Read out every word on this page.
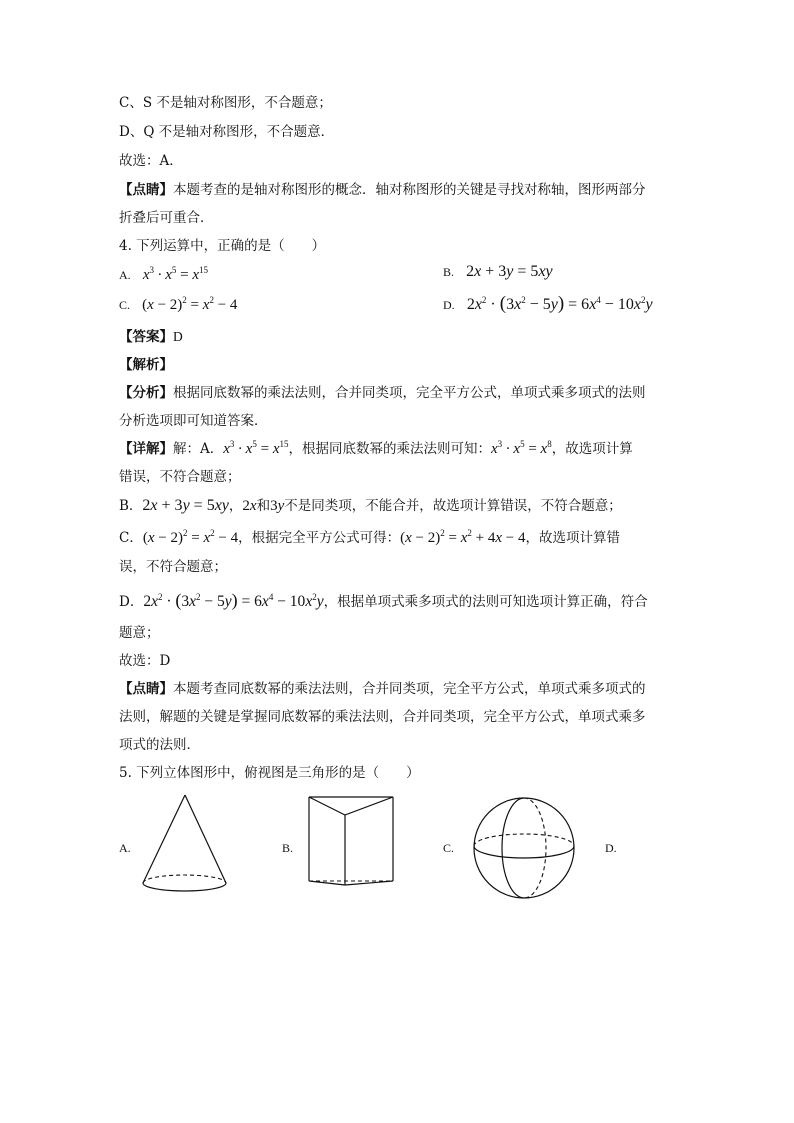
C、S 不是轴对称图形，不合题意；
D、Q 不是轴对称图形，不合题意．
故选：A．
【点睛】本题考查的是轴对称图形的概念．轴对称图形的关键是寻找对称轴，图形两部分
折叠后可重合．
4. 下列运算中，正确的是（　　）
A. $x^3 \cdot x^5 = x^{15}$	B. 2x + 3y = 5xy
C. $(x - 2)^2 = x^2 - 4$	D. $2x^2 \cdot (3x^2 - 5y) = 6x^4 - 10x^2y$
【答案】D
【解析】
【分析】根据同底数幂的乘法法则，合并同类项，完全平方公式，单项式乘多项式的法则
分析选项即可知道答案．
【详解】解：A．$x^3 \cdot x^5 = x^{15}$，根据同底数幂的乘法法则可知：$x^3 \cdot x^5 = x^8$，故选项计算
错误，不符合题意；
B．2x + 3y = 5xy，2x和3y不是同类项，不能合并，故选项计算错误，不符合题意；
C．$(x - 2)^2 = x^2 - 4$，根据完全平方公式可得：$(x - 2)^2 = x^2 + 4x - 4$，故选项计算错
误，不符合题意；
D．$2x^2 \cdot (3x^2 - 5y) = 6x^4 - 10x^2y$，根据单项式乘多项式的法则可知选项计算正确，符合
题意；
故选：D
【点睛】本题考查同底数幂的乘法法则，合并同类项，完全平方公式，单项式乘多项式的
法则，解题的关键是掌握同底数幂的乘法法则，合并同类项，完全平方公式，单项式乘多
项式的法则．
5. 下列立体图形中，俯视图是三角形的是（　　）
A.	B.	C.	D.
